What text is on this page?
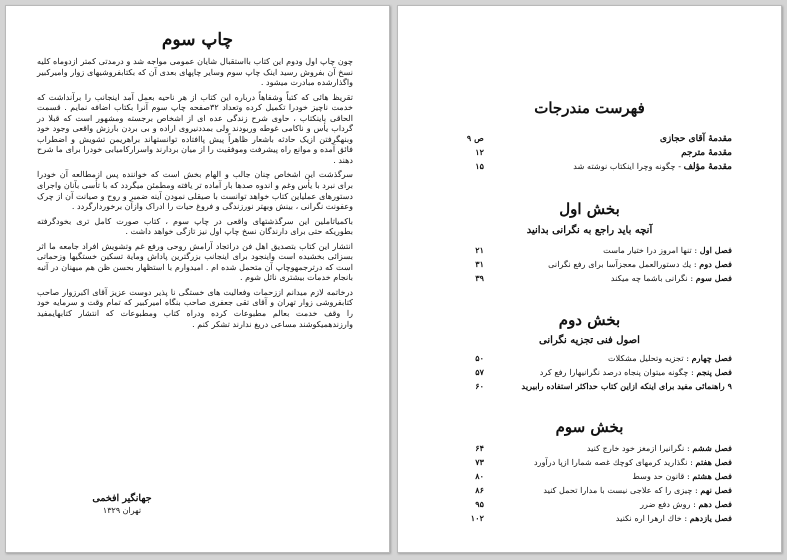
چاپ سوم

چون چاپ اول ودوم این کتاب بااستقبال شایان عمومی مواجه شد و درمدتی کمتر ازدوماه کلیه نسخ آن بفروش رسید اینک چاپ سوم وسایر چاپهای بعدی آن که بکتابفروشیهای زوار وامیرکبیر واگذارشده مبادرت میشود .

تقریظ هائی که کتباً وشفاهاً درباره این کتاب از هر ناحیه بعمل آمد اینجانب را برآنداشت که خدمت ناچیز خودرا تکمیل کرده وتعداد ۳۲صفحه چاپ سوم آنرا بکتاب اضافه نمایم . قسمت الحاقی باینکتاب ، حاوی شرح زندگی عده ای از اشخاص برجسته ومشهور است که قبلا در گرداب یأس و ناکامی غوطه وربودند ولی بمددنیروی اراده و بی بردن بارزش واقعی وجود خود وبنهگرفتن ازیک حادثه باشعار ظاهراً پیش پاافتاده توانستهاند براهریمن تشویش و اضطراب فائق آمده و موانع راه پیشرفت وموفقیت را از میان بردارند واسرارکامیابی خودرا برای ما شرح دهند .

سرگذشت این اشخاص چنان جالب و الهام بخش است که خواننده پس ازمطالعه آن خودرا برای نبرد با یأس وغم و اندوه صدها بار آماده تر یافته ومطمئن میگردد که با تأسی بآنان واجرای دستورهای عملیاین کتاب خواهد توانست با صیقلی نمودن آینه ضمیر و روح و صیانت آن از چرک وعفونت نگرانی ، بینش وبهتر نورزندگی و فروغ حیات را ادراک وازآن برخوردارگردد .

باکمیاتاملین این سرگذشتهای واقعی در چاپ سوم ، کتاب صورت کامل تری بخودگرفته بطوریکه حتی برای دارندگان نسخ چاپ اول نیز تازگی خواهد داشت .

انتشار این کتاب بتصدیق اهل فن دراتجاد آرامش روحی ورفع غم وتشویش افراد جامعه ما اثر بسزائی بخشیده است واینجود برای اینجانب بزرگترین پاداش وماية تسکین خستگیها وزحماتی است که درترجمهوچاپ آن متحمل شده ام . امیدوارم با استظهار بحسن ظن هم میهنان در آتیه بانجام خدمات بیشتری نائل شوم .

درخاتمه لازم میدانم اززحمات وفعالیت های خستگی نا پذیر دوست عزیز آقای اکبرزوار صاحب کتابفروشی زوار تهران و آقای تقی جعفری صاحب بنگاه امیرکبیر که تمام وقت و سرمایه خود را وقف خدمت بعالم مطبوعات کرده ودراه کتاب ومطبوعات که انتشار کتابهایمفید وارزندهمیکوشند مساعی دریغ ندارند تشکر کنم .

جهانگیر افخمی
تهران ۱۳۲۹
فهرست مندرجات
ص ۹	مقدمهٔ آقای حجازی
۱۲	مقدمهٔ مترجم
۱۵	مقدمهٔ مؤلف - چگونه وچرا اینکتاب نوشته شد
بخش اول
آنچه باید راجع به نگرانی بدانید
۲۱	فصل اول : تنها امروز درا ختیار ماست
۳۱	فصل دوم : یك دستورالعمل معجزآسا برای رفع نگرانی
۳۹	فصل سوم : نگرانی باشما چه میکند
بخش دوم
اصول فنی تجزیه نگرانی
۵۰	فصل چهارم : تجزیه وتحلیل مشکلات
۵۷	فصل پنجم : چگونه میتوان پنجاه درصد نگرانیهارا رفع کرد
۶۰	۹ راهنمائی مفید برای اینکه ازاین کتاب حداکثر استفاده رابیرید
بخش سوم
۶۴	فصل ششم : نگرانیرا ازمغز خود خارج کنید
۷۳	فصل هفتم : نگذارید کرمهای کوچك غصه شمارا ازپا درآورد
۸۰	فصل هشتم : قانون حد وسط
۸۶	فصل نهم : چیزی را که علاجی نیست با مدارا تحمل کنید
۹۵	فصل دهم : روش دفع ضرر
۱۰۲	فصل یازدهم : خاك ارهرا اره نکنید
